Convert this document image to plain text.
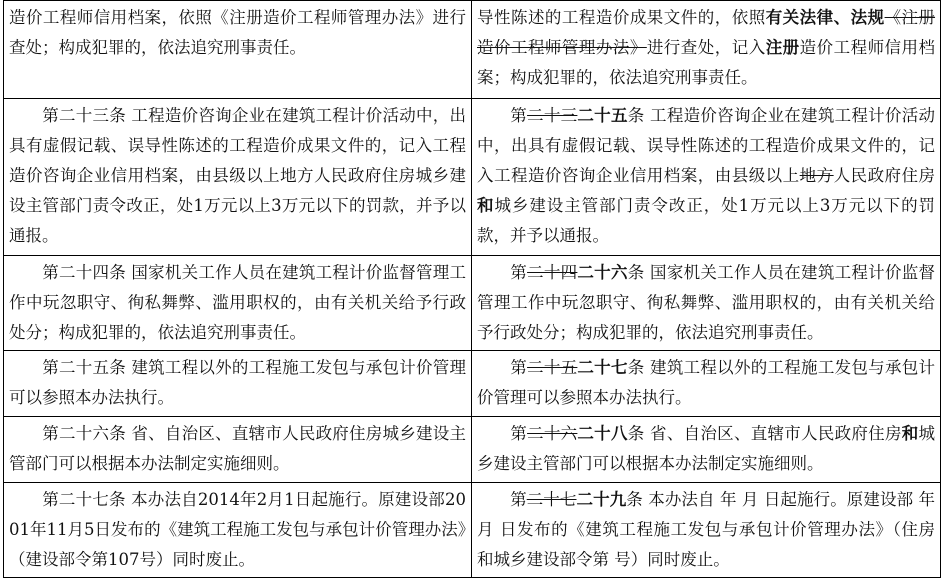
造价工程师信用档案，依照《注册造价工程师管理办法》进行查处；构成犯罪的，依法追究刑事责任。	导性陈述的工程造价成果文件的，依照有关法律、法规《注册造价工程师管理办法》进行查处，记入注册造价工程师信用档案；构成犯罪的，依法追究刑事责任。
第二十三条 工程造价咨询企业在建筑工程计价活动中，出具有虚假记载、误导性陈述的工程造价成果文件的，记入工程造价咨询企业信用档案，由县级以上地方人民政府住房城乡建设主管部门责令改正，处1万元以上3万元以下的罚款，并予以通报。	第二十三二十五条 工程造价咨询企业在建筑工程计价活动中，出具有虚假记载、误导性陈述的工程造价成果文件的，记入工程造价咨询企业信用档案，由县级以上地方人民政府住房和城乡建设主管部门责令改正，处1万元以上3万元以下的罚款，并予以通报。
第二十四条 国家机关工作人员在建筑工程计价监督管理工作中玩忽职守、徇私舞弊、滥用职权的，由有关机关给予行政处分；构成犯罪的，依法追究刑事责任。	第二十四二十六条 国家机关工作人员在建筑工程计价监督管理工作中玩忽职守、徇私舞弊、滥用职权的，由有关机关给予行政处分；构成犯罪的，依法追究刑事责任。
第二十五条 建筑工程以外的工程施工发包与承包计价管理可以参照本办法执行。	第二十五二十七条 建筑工程以外的工程施工发包与承包计价管理可以参照本办法执行。
第二十六条 省、自治区、直辖市人民政府住房城乡建设主管部门可以根据本办法制定实施细则。	第二十六二十八条 省、自治区、直辖市人民政府住房和城乡建设主管部门可以根据本办法制定实施细则。
第二十七条 本办法自2014年2月1日起施行。原建设部2001年11月5日发布的《建筑工程施工发包与承包计价管理办法》（建设部令第107号）同时废止。	第二十七二十九条 本办法自 年 月 日起施行。原建设部 年 月 日发布的《建筑工程施工发包与承包计价管理办法》（住房和城乡建设部令第 号）同时废止。
